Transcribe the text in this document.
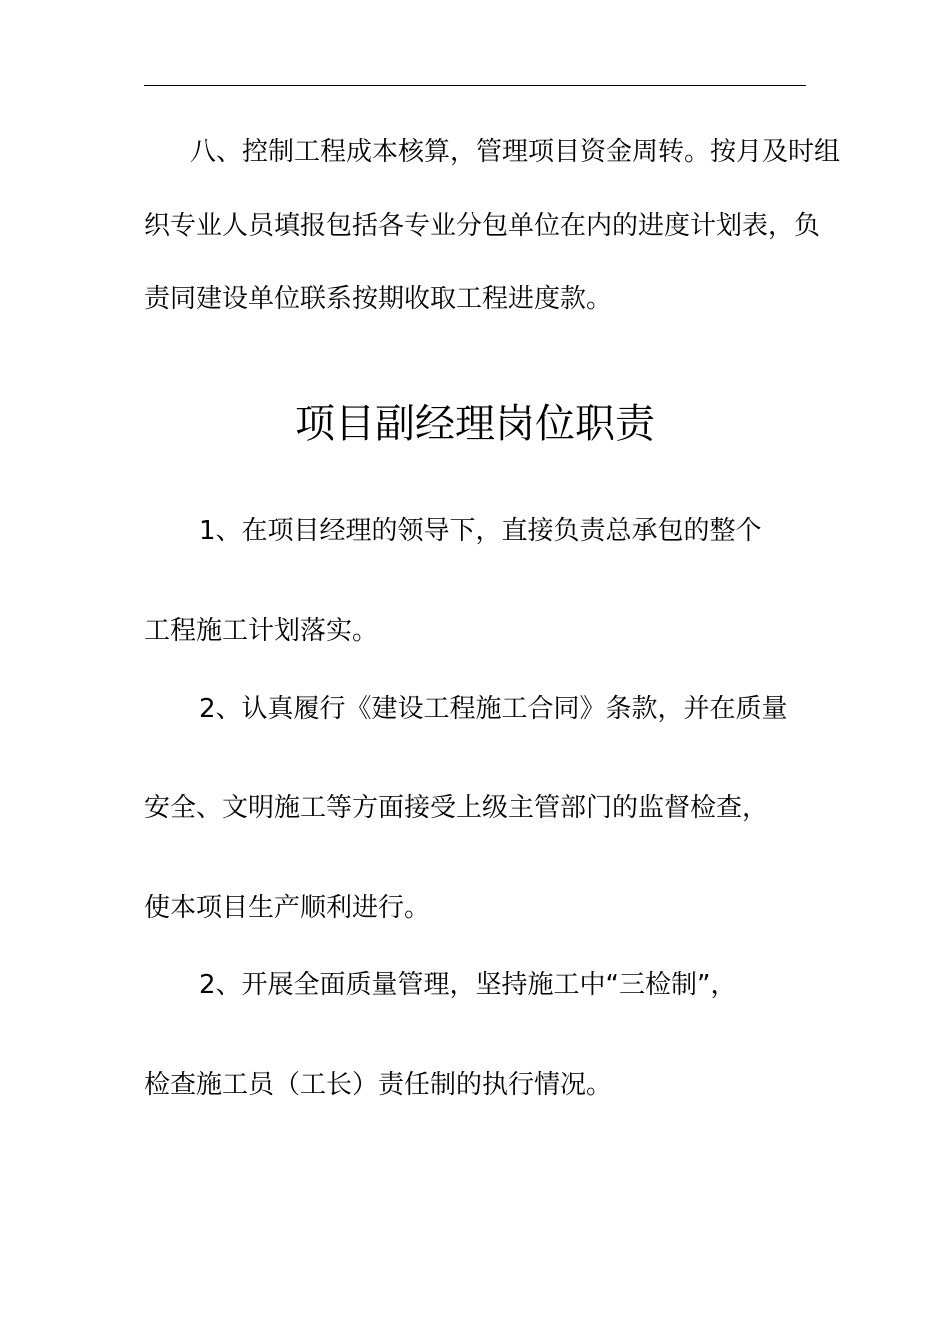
八、控制工程成本核算，管理项目资金周转。按月及时组
织专业人员填报包括各专业分包单位在内的进度计划表，负
责同建设单位联系按期收取工程进度款。
项目副经理岗位职责
1、在项目经理的领导下，直接负责总承包的整个
工程施工计划落实。
2、认真履行《建设工程施工合同》条款，并在质量
安全、文明施工等方面接受上级主管部门的监督检查，
使本项目生产顺利进行。
2、开展全面质量管理，坚持施工中“三检制”，
检查施工员（工长）责任制的执行情况。
